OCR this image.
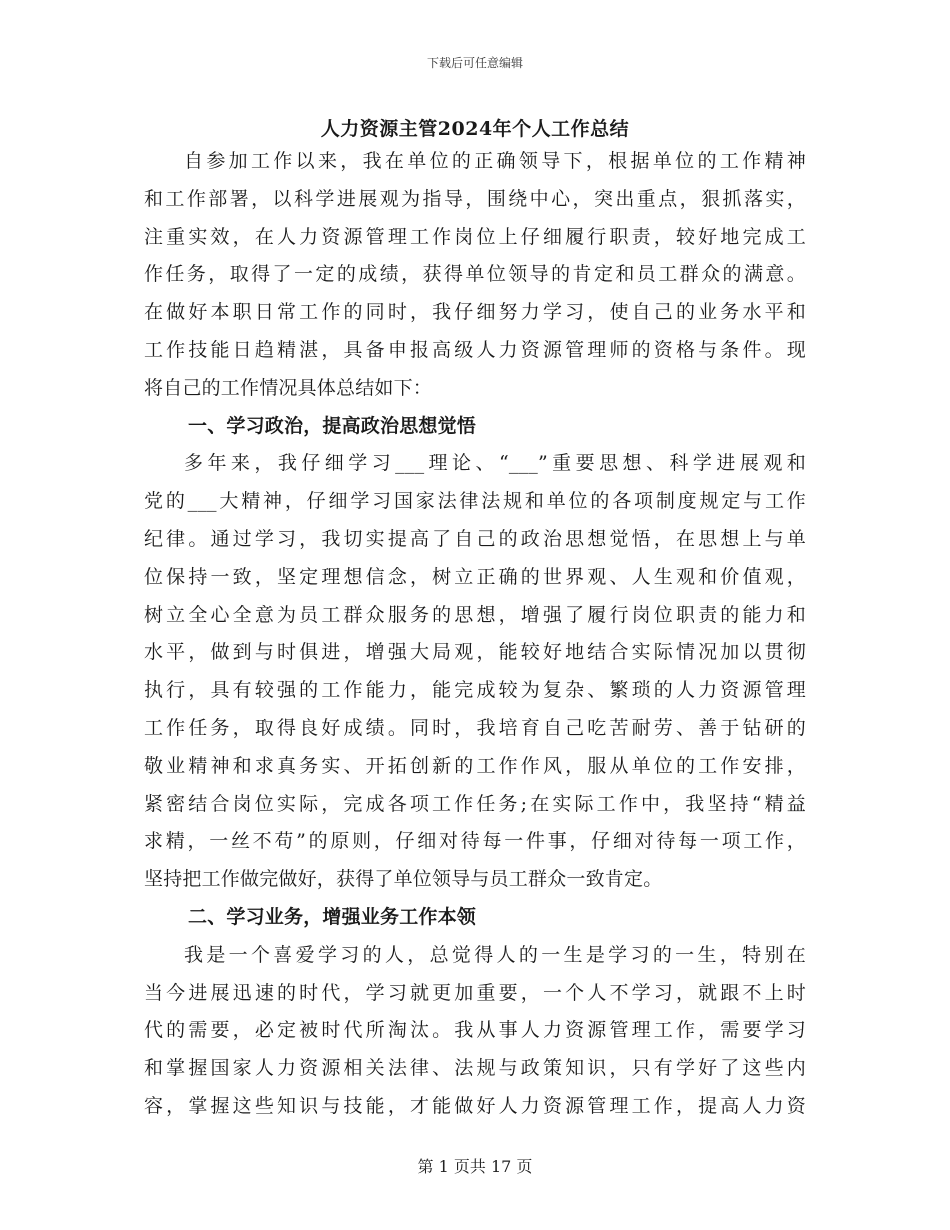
下载后可任意编辑
人力资源主管2024年个人工作总结
自参加工作以来，我在单位的正确领导下，根据单位的工作精神
和工作部署，以科学进展观为指导，围绕中心，突出重点，狠抓落实，
注重实效，在人力资源管理工作岗位上仔细履行职责，较好地完成工
作任务，取得了一定的成绩，获得单位领导的肯定和员工群众的满意。
在做好本职日常工作的同时，我仔细努力学习，使自己的业务水平和
工作技能日趋精湛，具备申报高级人力资源管理师的资格与条件。现
将自己的工作情况具体总结如下：
一、学习政治，提高政治思想觉悟
多年来，我仔细学习___理论、“___”重要思想、科学进展观和
党的___大精神，仔细学习国家法律法规和单位的各项制度规定与工作
纪律。通过学习，我切实提高了自己的政治思想觉悟，在思想上与单
位保持一致，坚定理想信念，树立正确的世界观、人生观和价值观，
树立全心全意为员工群众服务的思想，增强了履行岗位职责的能力和
水平，做到与时俱进，增强大局观，能较好地结合实际情况加以贯彻
执行，具有较强的工作能力，能完成较为复杂、繁琐的人力资源管理
工作任务，取得良好成绩。同时，我培育自己吃苦耐劳、善于钻研的
敬业精神和求真务实、开拓创新的工作作风，服从单位的工作安排，
紧密结合岗位实际，完成各项工作任务;在实际工作中，我坚持“精益
求精，一丝不苟”的原则，仔细对待每一件事，仔细对待每一项工作，
坚持把工作做完做好，获得了单位领导与员工群众一致肯定。
二、学习业务，增强业务工作本领
我是一个喜爱学习的人，总觉得人的一生是学习的一生，特别在
当今进展迅速的时代，学习就更加重要，一个人不学习，就跟不上时
代的需要，必定被时代所淘汰。我从事人力资源管理工作，需要学习
和掌握国家人力资源相关法律、法规与政策知识，只有学好了这些内
容，掌握这些知识与技能，才能做好人力资源管理工作，提高人力资
第 1 页共 17 页
